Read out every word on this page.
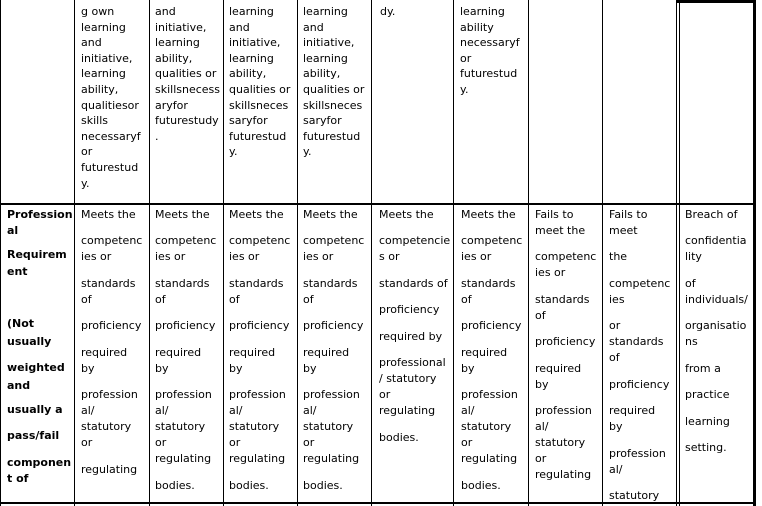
g own
learning
and
initiative,
learning
ability,
qualitiesor
skills
necessaryf
or
futurestud
y.
and
initiative,
learning
ability,
qualities or
skillsnecess
aryfor
futurestudy
.
learning
and
initiative,
learning
ability,
qualities or
skillsneces
saryfor
futurestud
y.
learning
and
initiative,
learning
ability,
qualities or
skillsneces
saryfor
futurestud
y.
dy.	learning
ability
necessaryf
or
futurestud
y.
Profession
al
Requirem
ent
(Not
usually
weighted
and
usually a
pass/fail
componen
t of
Meets the
competenc
ies or
standards
of
proficiency
required
by
profession
al/
statutory
or
regulating
Meets the
competenc
ies or
standards
of
proficiency
required
by
profession
al/
statutory
or
regulating
bodies.
Meets the
competenc
ies or
standards
of
proficiency
required
by
profession
al/
statutory
or
regulating
bodies.
Meets the
competenc
ies or
standards
of
proficiency
required
by
profession
al/
statutory
or
regulating
bodies.
Meets the
competencie
s or
standards of
proficiency
required by
professional
/ statutory
or
regulating
bodies.
Meets the
competenc
ies or
standards
of
proficiency
required
by
profession
al/
statutory
or
regulating
bodies.
Fails to
meet the
competenc
ies or
standards
of
proficiency
required
by
profession
al/
statutory
or
regulating
Fails to
meet
the
competenc
ies
or
standards
of
proficiency
required
by
profession
al/
statutory
Breach of
confidentia
lity
of
individuals/
organisatio
ns
from a
practice
learning
setting.
